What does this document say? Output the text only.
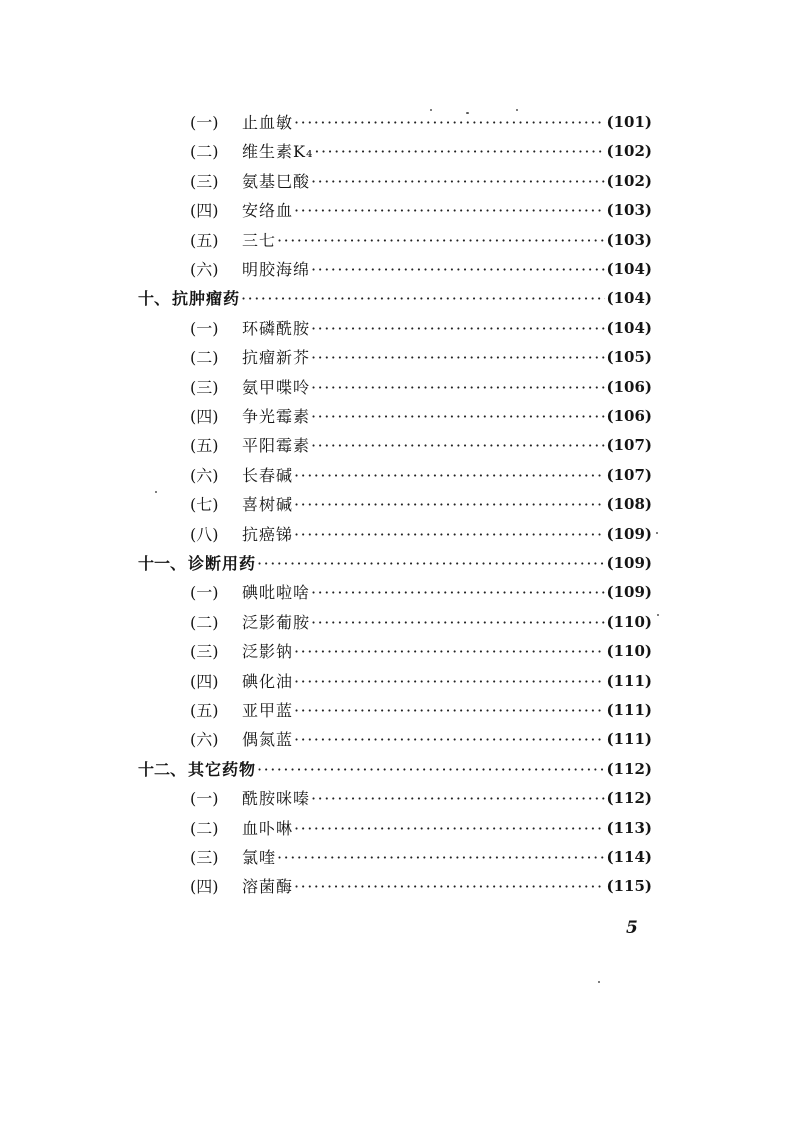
(一)	止血敏 ·····	(101)
(二)	维生素K₄ ·····	(102)
(三)	氨基巳酸 ·····	(102)
(四)	安络血 ·····	(103)
(五)	三七 ·····	(103)
(六)	明胶海绵 ·····	(104)
十、 抗肿瘤药 ·····	(104)
(一)	环磷酰胺 ·····	(104)
(二)	抗瘤新芥 ·····	(105)
(三)	氨甲喋呤 ·····	(106)
(四)	争光霉素 ·····	(106)
(五)	平阳霉素 ·····	(107)
(六)	长春碱 ·····	(107)
(七)	喜树碱 ·····	(108)
(八)	抗癌锑 ·····	(109)
十一、 诊断用药 ·····	(109)
(一)	碘吡啦啥 ·····	(109)
(二)	泛影葡胺 ·····	(110)
(三)	泛影钠 ·····	(110)
(四)	碘化油 ·····	(111)
(五)	亚甲蓝 ·····	(111)
(六)	偶氮蓝 ·····	(111)
十二、 其它药物 ·····	(112)
(一)	酰胺咪嗪 ·····	(112)
(二)	血卟啉 ·····	(113)
(三)	氯喹 ·····	(114)
(四)	溶菌酶 ·····	(115)
5
